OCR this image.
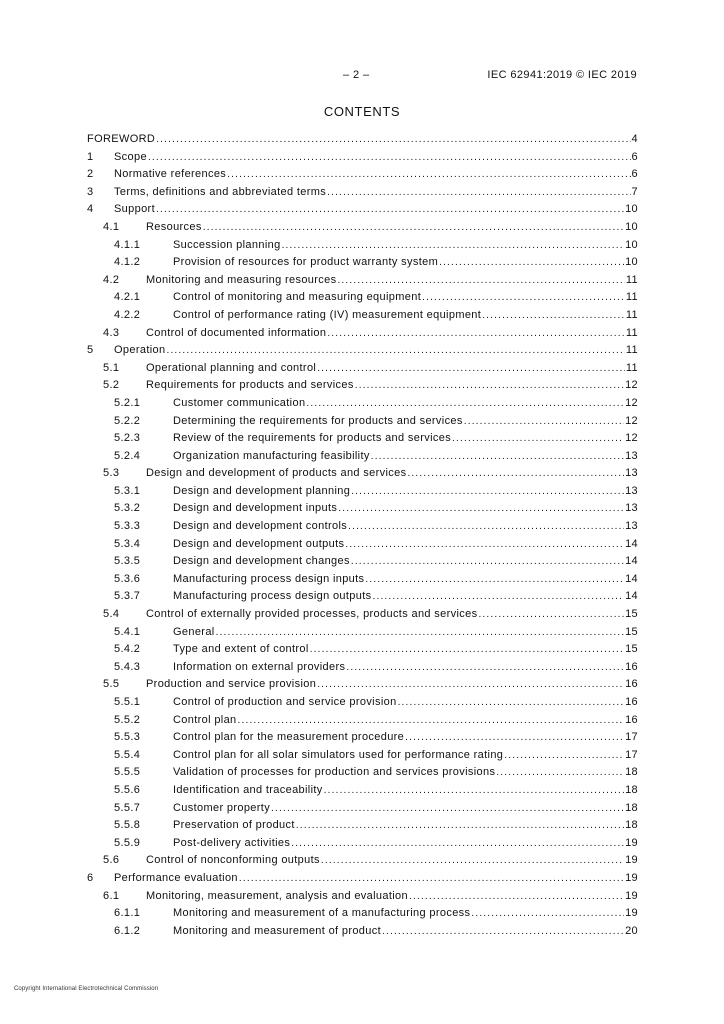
– 2 –	IEC 62941:2019 © IEC 2019
CONTENTS
FOREWORD .....	4
1 Scope .....	6
2 Normative references .....	6
3 Terms, definitions and abbreviated terms .....	7
4 Support .....	10
4.1 Resources .....	10
4.1.1	Succession planning .....	10
4.1.2	Provision of resources for product warranty system .....	10
4.2 Monitoring and measuring resources .....	11
4.2.1	Control of monitoring and measuring equipment .....	11
4.2.2	Control of performance rating (IV) measurement equipment .....	11
4.3 Control of documented information .....	11
5 Operation .....	11
5.1 Operational planning and control .....	11
5.2 Requirements for products and services .....	12
5.2.1	Customer communication .....	12
5.2.2	Determining the requirements for products and services .....	12
5.2.3	Review of the requirements for products and services .....	12
5.2.4	Organization manufacturing feasibility .....	13
5.3 Design and development of products and services .....	13
5.3.1	Design and development planning .....	13
5.3.2	Design and development inputs .....	13
5.3.3	Design and development controls .....	13
5.3.4	Design and development outputs .....	14
5.3.5	Design and development changes .....	14
5.3.6	Manufacturing process design inputs .....	14
5.3.7	Manufacturing process design outputs .....	14
5.4 Control of externally provided processes, products and services .....	15
5.4.1	General .....	15
5.4.2	Type and extent of control .....	15
5.4.3	Information on external providers .....	16
5.5 Production and service provision .....	16
5.5.1	Control of production and service provision .....	16
5.5.2	Control plan .....	16
5.5.3	Control plan for the measurement procedure .....	17
5.5.4	Control plan for all solar simulators used for performance rating .....	17
5.5.5	Validation of processes for production and services provisions .....	18
5.5.6	Identification and traceability .....	18
5.5.7	Customer property .....	18
5.5.8	Preservation of product .....	18
5.5.9	Post-delivery activities .....	19
5.6 Control of nonconforming outputs .....	19
6 Performance evaluation .....	19
6.1 Monitoring, measurement, analysis and evaluation .....	19
6.1.1	Monitoring and measurement of a manufacturing process .....	19
6.1.2	Monitoring and measurement of product .....	20
Copyright International Electrotechnical Commission
